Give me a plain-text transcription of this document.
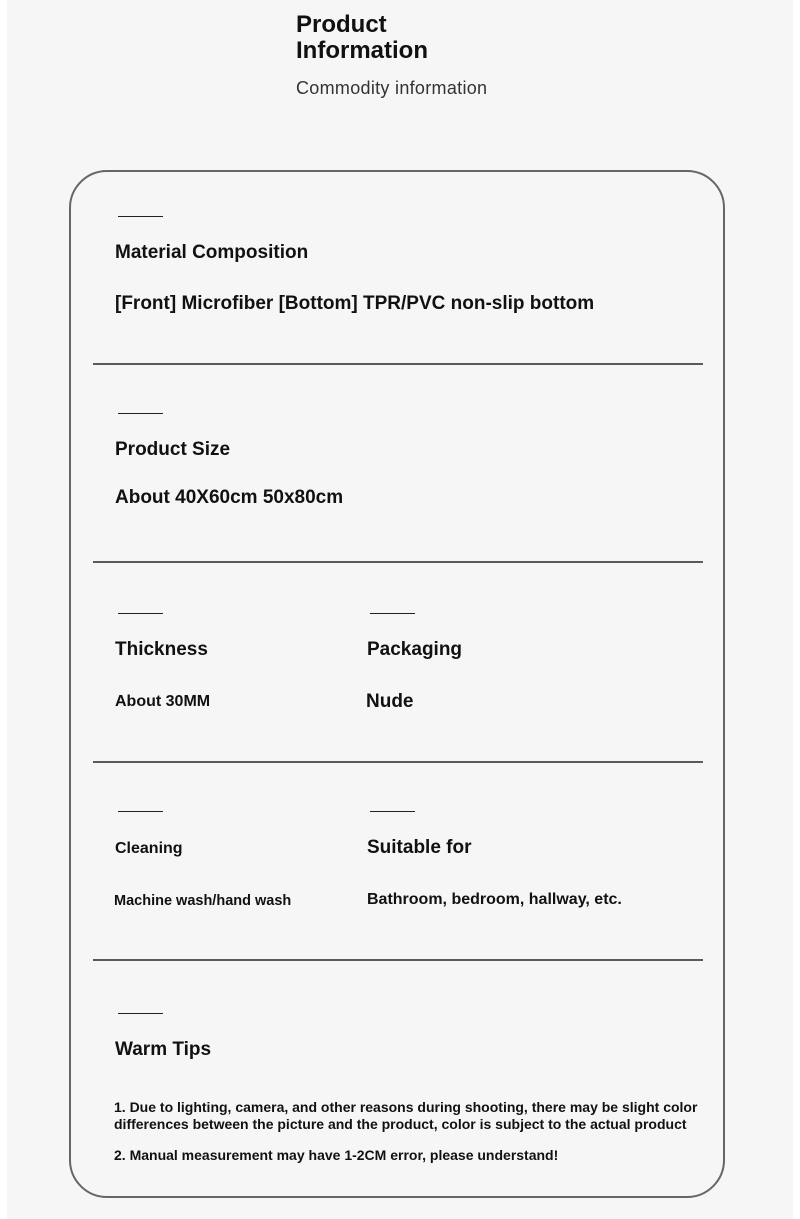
Product Information
Commodity information
Material Composition
[Front] Microfiber [Bottom] TPR/PVC non-slip bottom
Product Size
About 40X60cm 50x80cm
Thickness
About 30MM
Packaging
Nude
Cleaning
Machine wash/hand wash
Suitable for
Bathroom, bedroom, hallway, etc.
Warm Tips
1. Due to lighting, camera, and other reasons during shooting, there may be slight color differences between the picture and the product, color is subject to the actual product
2. Manual measurement may have 1-2CM error, please understand!
